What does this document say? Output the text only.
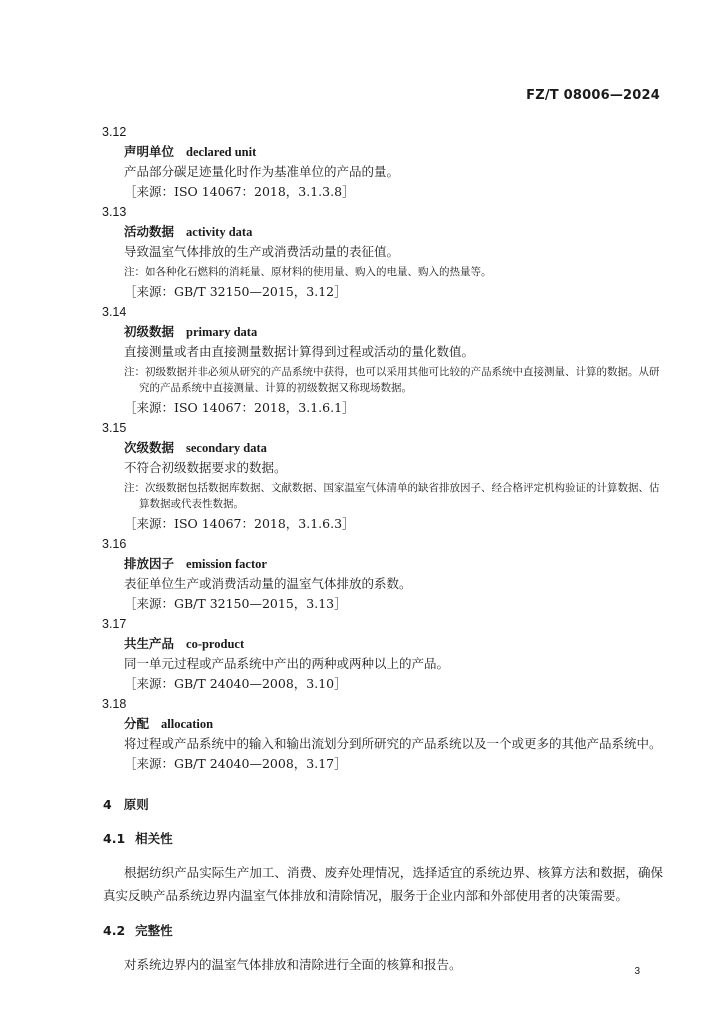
FZ/T 08006—2024
3.12
声明单位 declared unit
产品部分碳足迹量化时作为基准单位的产品的量。
［来源：ISO 14067：2018，3.1.3.8］
3.13
活动数据 activity data
导致温室气体排放的生产或消费活动量的表征值。
注：如各种化石燃料的消耗量、原材料的使用量、购入的电量、购入的热量等。
［来源：GB/T 32150—2015，3.12］
3.14
初级数据 primary data
直接测量或者由直接测量数据计算得到过程或活动的量化数值。
注：初级数据并非必须从研究的产品系统中获得，也可以采用其他可比较的产品系统中直接测量、计算的数据。从研究的产品系统中直接测量、计算的初级数据又称现场数据。
［来源：ISO 14067：2018，3.1.6.1］
3.15
次级数据 secondary data
不符合初级数据要求的数据。
注：次级数据包括数据库数据、文献数据、国家温室气体清单的缺省排放因子、经合格评定机构验证的计算数据、估算数据或代表性数据。
［来源：ISO 14067：2018，3.1.6.3］
3.16
排放因子 emission factor
表征单位生产或消费活动量的温室气体排放的系数。
［来源：GB/T 32150—2015，3.13］
3.17
共生产品 co-product
同一单元过程或产品系统中产出的两种或两种以上的产品。
［来源：GB/T 24040—2008，3.10］
3.18
分配 allocation
将过程或产品系统中的输入和输出流划分到所研究的产品系统以及一个或更多的其他产品系统中。
［来源：GB/T 24040—2008，3.17］
4 原则
4.1 相关性
根据纺织产品实际生产加工、消费、废弃处理情况，选择适宜的系统边界、核算方法和数据，确保真实反映产品系统边界内温室气体排放和清除情况，服务于企业内部和外部使用者的决策需要。
4.2 完整性
对系统边界内的温室气体排放和清除进行全面的核算和报告。	3
